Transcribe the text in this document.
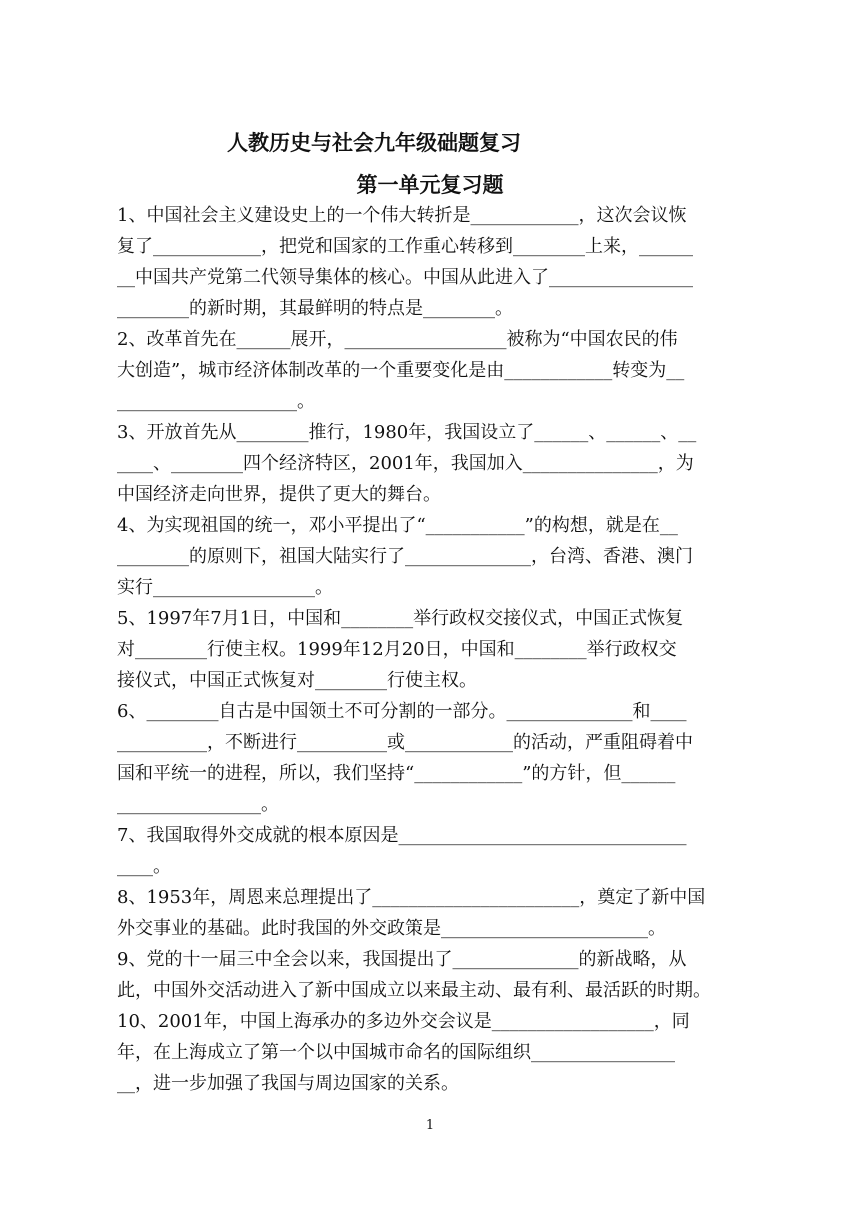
人教历史与社会九年级础题复习
第一单元复习题
1、中国社会主义建设史上的一个伟大转折是____________，这次会议恢
复了____________，把党和国家的工作重心转移到________上来，______
__中国共产党第二代领导集体的核心。中国从此进入了________________
________的新时期，其最鲜明的特点是________。
2、改革首先在______展开，__________________被称为“中国农民的伟
大创造”，城市经济体制改革的一个重要变化是由____________转变为__
____________________。
3、开放首先从________推行，1980年，我国设立了______、______、__
____、________四个经济特区，2001年，我国加入_______________，为
中国经济走向世界，提供了更大的舞台。
4、为实现祖国的统一，邓小平提出了“___________”的构想，就是在__
________的原则下，祖国大陆实行了______________，台湾、香港、澳门
实行__________________。
5、1997年7月1日，中国和________举行政权交接仪式，中国正式恢复
对________行使主权。1999年12月20日，中国和________举行政权交
接仪式，中国正式恢复对________行使主权。
6、________自古是中国领土不可分割的一部分。______________和____
__________，不断进行__________或____________的活动，严重阻碍着中
国和平统一的进程，所以，我们坚持“____________”的方针，但______
________________。
7、我国取得外交成就的根本原因是________________________________
____。
8、1953年，周恩来总理提出了_______________________，奠定了新中国
外交事业的基础。此时我国的外交政策是_______________________。
9、党的十一届三中全会以来，我国提出了______________的新战略，从
此，中国外交活动进入了新中国成立以来最主动、最有利、最活跃的时期。
10、2001年，中国上海承办的多边外交会议是__________________，同
年，在上海成立了第一个以中国城市命名的国际组织________________
__，进一步加强了我国与周边国家的关系。
1
